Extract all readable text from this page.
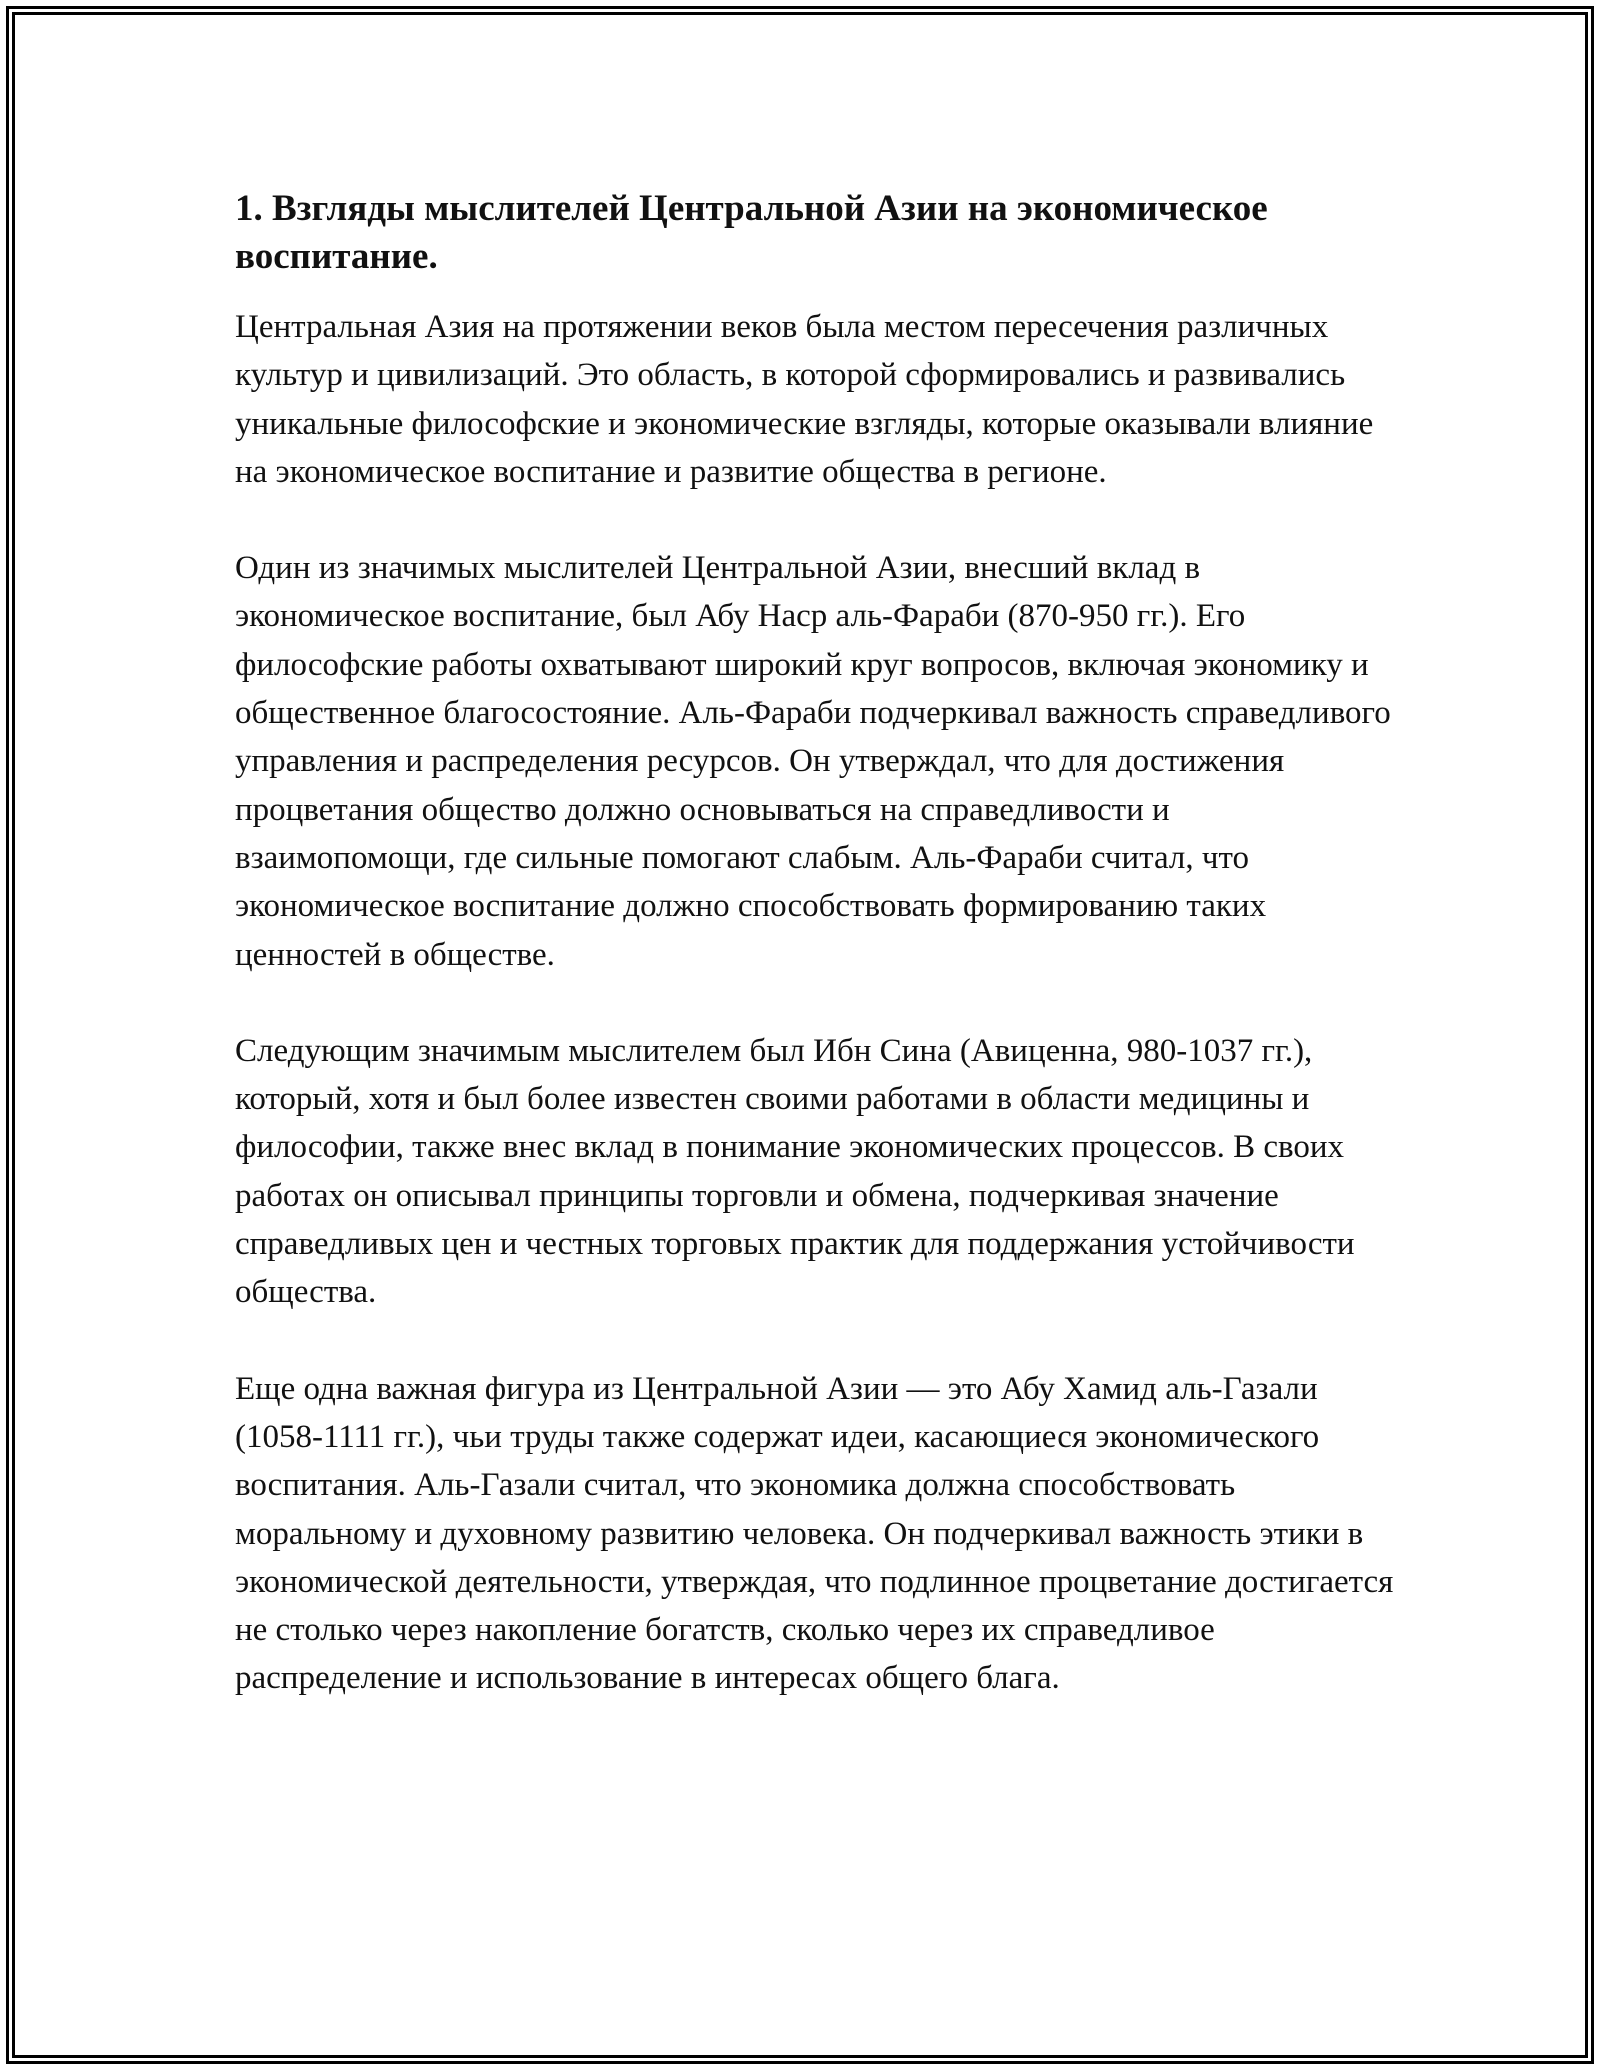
1. Взгляды мыслителей Центральной Азии на экономическое воспитание.

Центральная Азия на протяжении веков была местом пересечения различных культур и цивилизаций. Это область, в которой сформировались и развивались уникальные философские и экономические взгляды, которые оказывали влияние на экономическое воспитание и развитие общества в регионе.

Один из значимых мыслителей Центральной Азии, внесший вклад в экономическое воспитание, был Абу Наср аль-Фараби (870-950 гг.). Его философские работы охватывают широкий круг вопросов, включая экономику и общественное благосостояние. Аль-Фараби подчеркивал важность справедливого управления и распределения ресурсов. Он утверждал, что для достижения процветания общество должно основываться на справедливости и взаимопомощи, где сильные помогают слабым. Аль-Фараби считал, что экономическое воспитание должно способствовать формированию таких ценностей в обществе.

Следующим значимым мыслителем был Ибн Сина (Авиценна, 980-1037 гг.), который, хотя и был более известен своими работами в области медицины и философии, также внес вклад в понимание экономических процессов. В своих работах он описывал принципы торговли и обмена, подчеркивая значение справедливых цен и честных торговых практик для поддержания устойчивости общества.

Еще одна важная фигура из Центральной Азии — это Абу Хамид аль-Газали (1058-1111 гг.), чьи труды также содержат идеи, касающиеся экономического воспитания. Аль-Газали считал, что экономика должна способствовать моральному и духовному развитию человека. Он подчеркивал важность этики в экономической деятельности, утверждая, что подлинное процветание достигается не столько через накопление богатств, сколько через их справедливое распределение и использование в интересах общего блага.
